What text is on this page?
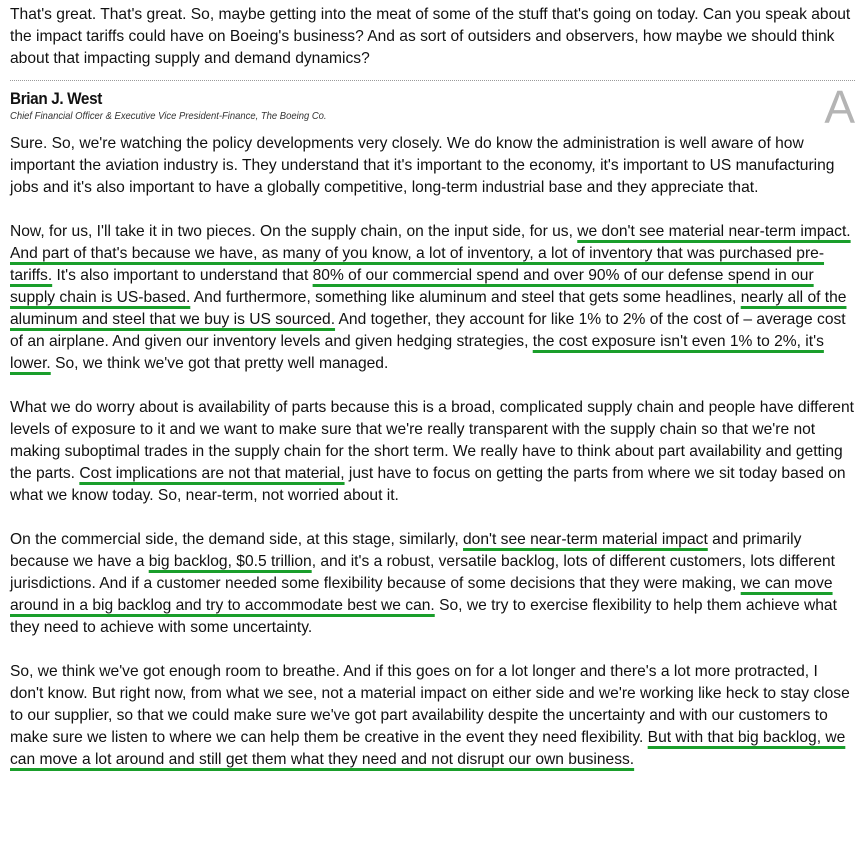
That's great. That's great. So, maybe getting into the meat of some of the stuff that's going on today. Can you speak about the impact tariffs could have on Boeing's business? And as sort of outsiders and observers, how maybe we should think about that impacting supply and demand dynamics?

Brian J. West
Chief Financial Officer & Executive Vice President-Finance, The Boeing Co.	A

Sure. So, we're watching the policy developments very closely. We do know the administration is well aware of how important the aviation industry is. They understand that it's important to the economy, it's important to US manufacturing jobs and it's also important to have a globally competitive, long-term industrial base and they appreciate that.

Now, for us, I'll take it in two pieces. On the supply chain, on the input side, for us, we don't see material near-term impact. And part of that's because we have, as many of you know, a lot of inventory, a lot of inventory that was purchased pre-tariffs. It's also important to understand that 80% of our commercial spend and over 90% of our defense spend in our supply chain is US-based. And furthermore, something like aluminum and steel that gets some headlines, nearly all of the aluminum and steel that we buy is US sourced. And together, they account for like 1% to 2% of the cost of – average cost of an airplane. And given our inventory levels and given hedging strategies, the cost exposure isn't even 1% to 2%, it's lower. So, we think we've got that pretty well managed.

What we do worry about is availability of parts because this is a broad, complicated supply chain and people have different levels of exposure to it and we want to make sure that we're really transparent with the supply chain so that we're not making suboptimal trades in the supply chain for the short term. We really have to think about part availability and getting the parts. Cost implications are not that material, just have to focus on getting the parts from where we sit today based on what we know today. So, near-term, not worried about it.

On the commercial side, the demand side, at this stage, similarly, don't see near-term material impact and primarily because we have a big backlog, $0.5 trillion, and it's a robust, versatile backlog, lots of different customers, lots different jurisdictions. And if a customer needed some flexibility because of some decisions that they were making, we can move around in a big backlog and try to accommodate best we can. So, we try to exercise flexibility to help them achieve what they need to achieve with some uncertainty.

So, we think we've got enough room to breathe. And if this goes on for a lot longer and there's a lot more protracted, I don't know. But right now, from what we see, not a material impact on either side and we're working like heck to stay close to our supplier, so that we could make sure we've got part availability despite the uncertainty and with our customers to make sure we listen to where we can help them be creative in the event they need flexibility. But with that big backlog, we can move a lot around and still get them what they need and not disrupt our own business.
